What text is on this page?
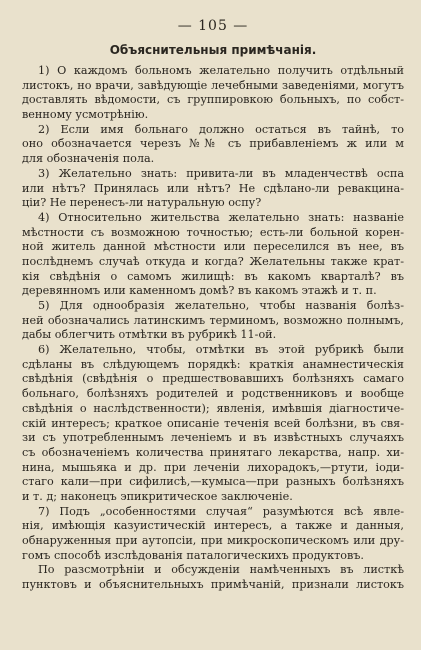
— 105 —
Объяснительныя примѣчанія.
1) О каждомъ больномъ желательно получить отдѣльный
листокъ, но врачи, завѣдующіе лечебными заведеніями, могутъ
доставлять вѣдомости, съ группировкою больныхъ, по собст-
венному усмотрѣнію.
2) Если имя больнаго должно остаться въ тайнѣ, то
оно обозначается черезъ №№ съ прибавленіемъ ж или м
для обозначенія пола.
3) Желательно знать: привита-ли въ младенчествѣ оспа
или нѣтъ? Принялась или нѣтъ? Не сдѣлано-ли ревакцина-
ціи? Не перенесъ-ли натуральную оспу?
4) Относительно жительства желательно знать: названіе
мѣстности съ возможною точностью; есть-ли больной корен-
ной житель данной мѣстности или переселился въ нее, въ
послѣднемъ случаѣ откуда и когда? Желательны также крат-
кія свѣдѣнія о самомъ жилищѣ: въ какомъ кварталѣ? въ
деревянномъ или каменномъ домѣ? въ какомъ этажѣ и т. п.
5) Для однообразія желательно, чтобы названія болѣз-
ней обозначались латинскимъ терминомъ, возможно полнымъ,
дабы облегчить отмѣтки въ рубрикѣ 11-ой.
6) Желательно, чтобы, отмѣтки въ этой рубрикѣ были
сдѣланы въ слѣдующемъ порядкѣ: краткія анамнестическія
свѣдѣнія (свѣдѣнія о предшествовавшихъ болѣзняхъ самаго
больнаго, болѣзняхъ родителей и родственниковъ и вообще
свѣдѣнія о наслѣдственности); явленія, имѣвшія діагностиче-
скій интересъ; краткое описаніе теченія всей болѣзни, въ свя-
зи съ употребленнымъ леченіемъ и въ извѣстныхъ случаяхъ
съ обозначеніемъ количества принятаго лекарства, напр. хи-
нина, мышьяка и др. при леченіи лихорадокъ,—ртути, іоди-
стаго кали—при сифилисѣ,—кумыса—при разныхъ болѣзняхъ
и т. д; наконецъ эпикритическое заключеніе.
7) Подъ „особенностями случая“ разумѣются всѣ явле-
нія, имѣющія казуистическій интересъ, а также и данныя,
обнаруженныя при аутопсіи, при микроскопическомъ или дру-
гомъ способѣ изслѣдованія паталогическихъ продуктовъ.
По разсмотрѣніи и обсужденіи намѣченныхъ въ листкѣ
пунктовъ и объяснительныхъ примѣчаній, признали листокъ
